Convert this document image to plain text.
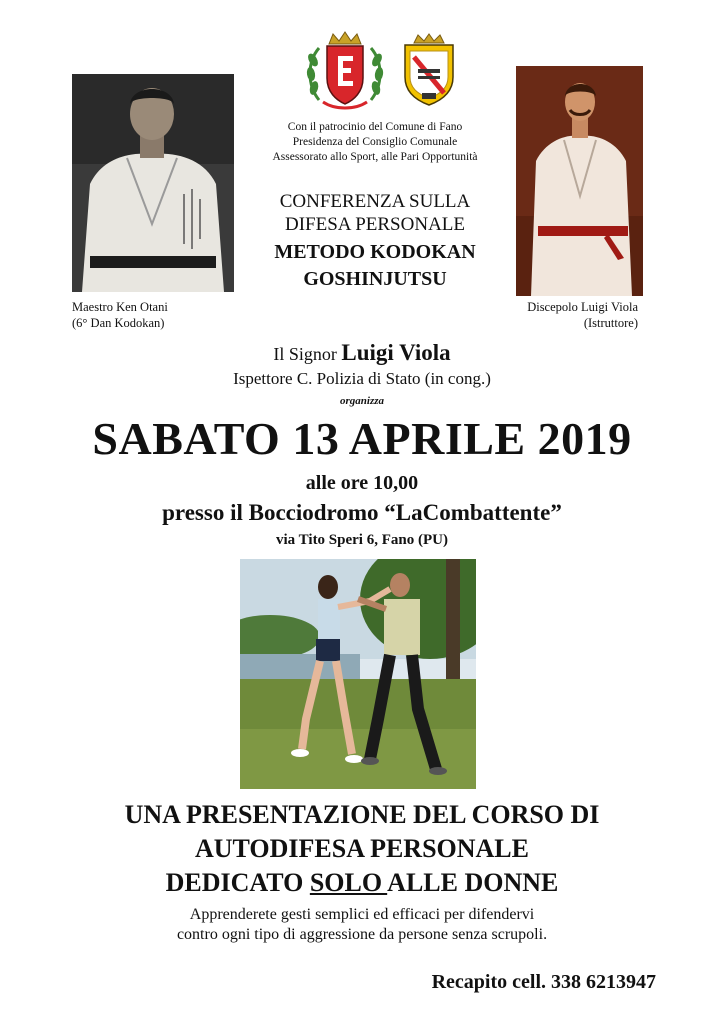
Con il patrocinio del Comune di Fano
Presidenza del Consiglio Comunale
Assessorato allo Sport, alle Pari Opportunità
CONFERENZA SULLA
DIFESA PERSONALE
METODO KODOKAN
GOSHINJUTSU
Maestro Ken Otani
(6° Dan Kodokan)
Discepolo Luigi Viola
(Istruttore)
Il Signor Luigi Viola
Ispettore C. Polizia di Stato (in cong.)
organizza
SABATO 13 APRILE 2019
alle ore 10,00
presso il Bocciodromo “LaCombattente”
via Tito Speri 6, Fano (PU)
UNA PRESENTAZIONE DEL CORSO DI
AUTODIFESA PERSONALE
DEDICATO SOLO ALLE DONNE
Apprenderete gesti semplici ed efficaci per difendervi
contro ogni tipo di aggressione da persone senza scrupoli.
Recapito cell. 338 6213947
